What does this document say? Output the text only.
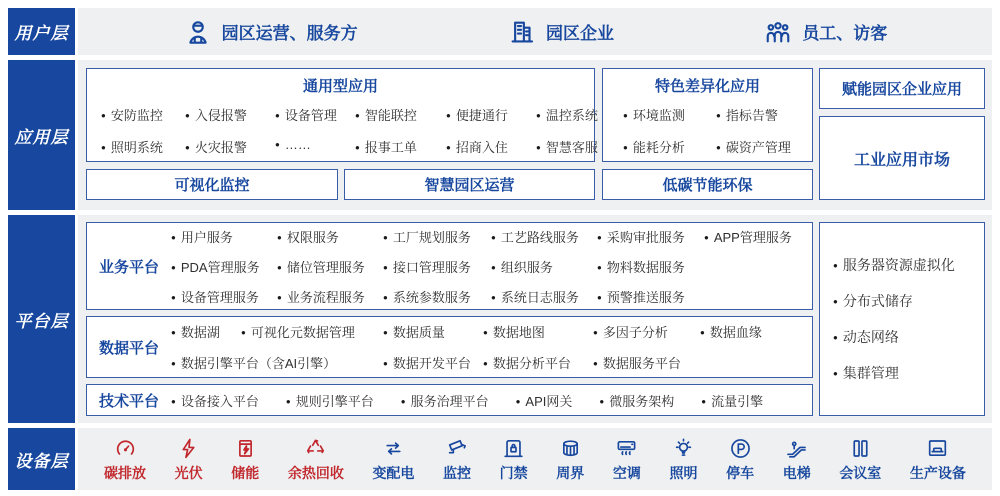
用户层
应用层
平台层
设备层
园区运营、服务方	园区企业	员工、访客
通用型应用
● 安防监控	● 入侵报警	● 设备管理	● 智能联控	● 便捷通行	● 温控系统
● 照明系统	● 火灾报警	● ……	● 报事工单	● 招商入住	● 智慧客服
可视化监控	智慧园区运营
特色差异化应用
● 环境监测	● 指标告警
● 能耗分析	● 碳资产管理
低碳节能环保
赋能园区企业应用
工业应用市场
业务平台
● 用户服务	● 权限服务	● 工厂规划服务	● 工艺路线服务	● 采购审批服务	● APP管理服务
● PDA管理服务	● 储位管理服务	● 接口管理服务	● 组织服务	● 物料数据服务
● 设备管理服务	● 业务流程服务	● 系统参数服务	● 系统日志服务	● 预警推送服务
数据平台
● 数据湖	● 可视化元数据管理	● 数据质量	● 数据地图	● 多因子分析	● 数据血缘
● 数据引擎平台（含AI引擎）	● 数据开发平台	● 数据分析平台	● 数据服务平台
技术平台	● 设备接入平台	● 规则引擎平台	● 服务治理平台	● API网关	● 微服务架构	● 流量引擎
● 服务器资源虚拟化
● 分布式储存
● 动态网络
● 集群管理
碳排放 光伏 储能 余热回收 变配电 监控 门禁 周界 空调 照明 停车 电梯 会议室 生产设备
